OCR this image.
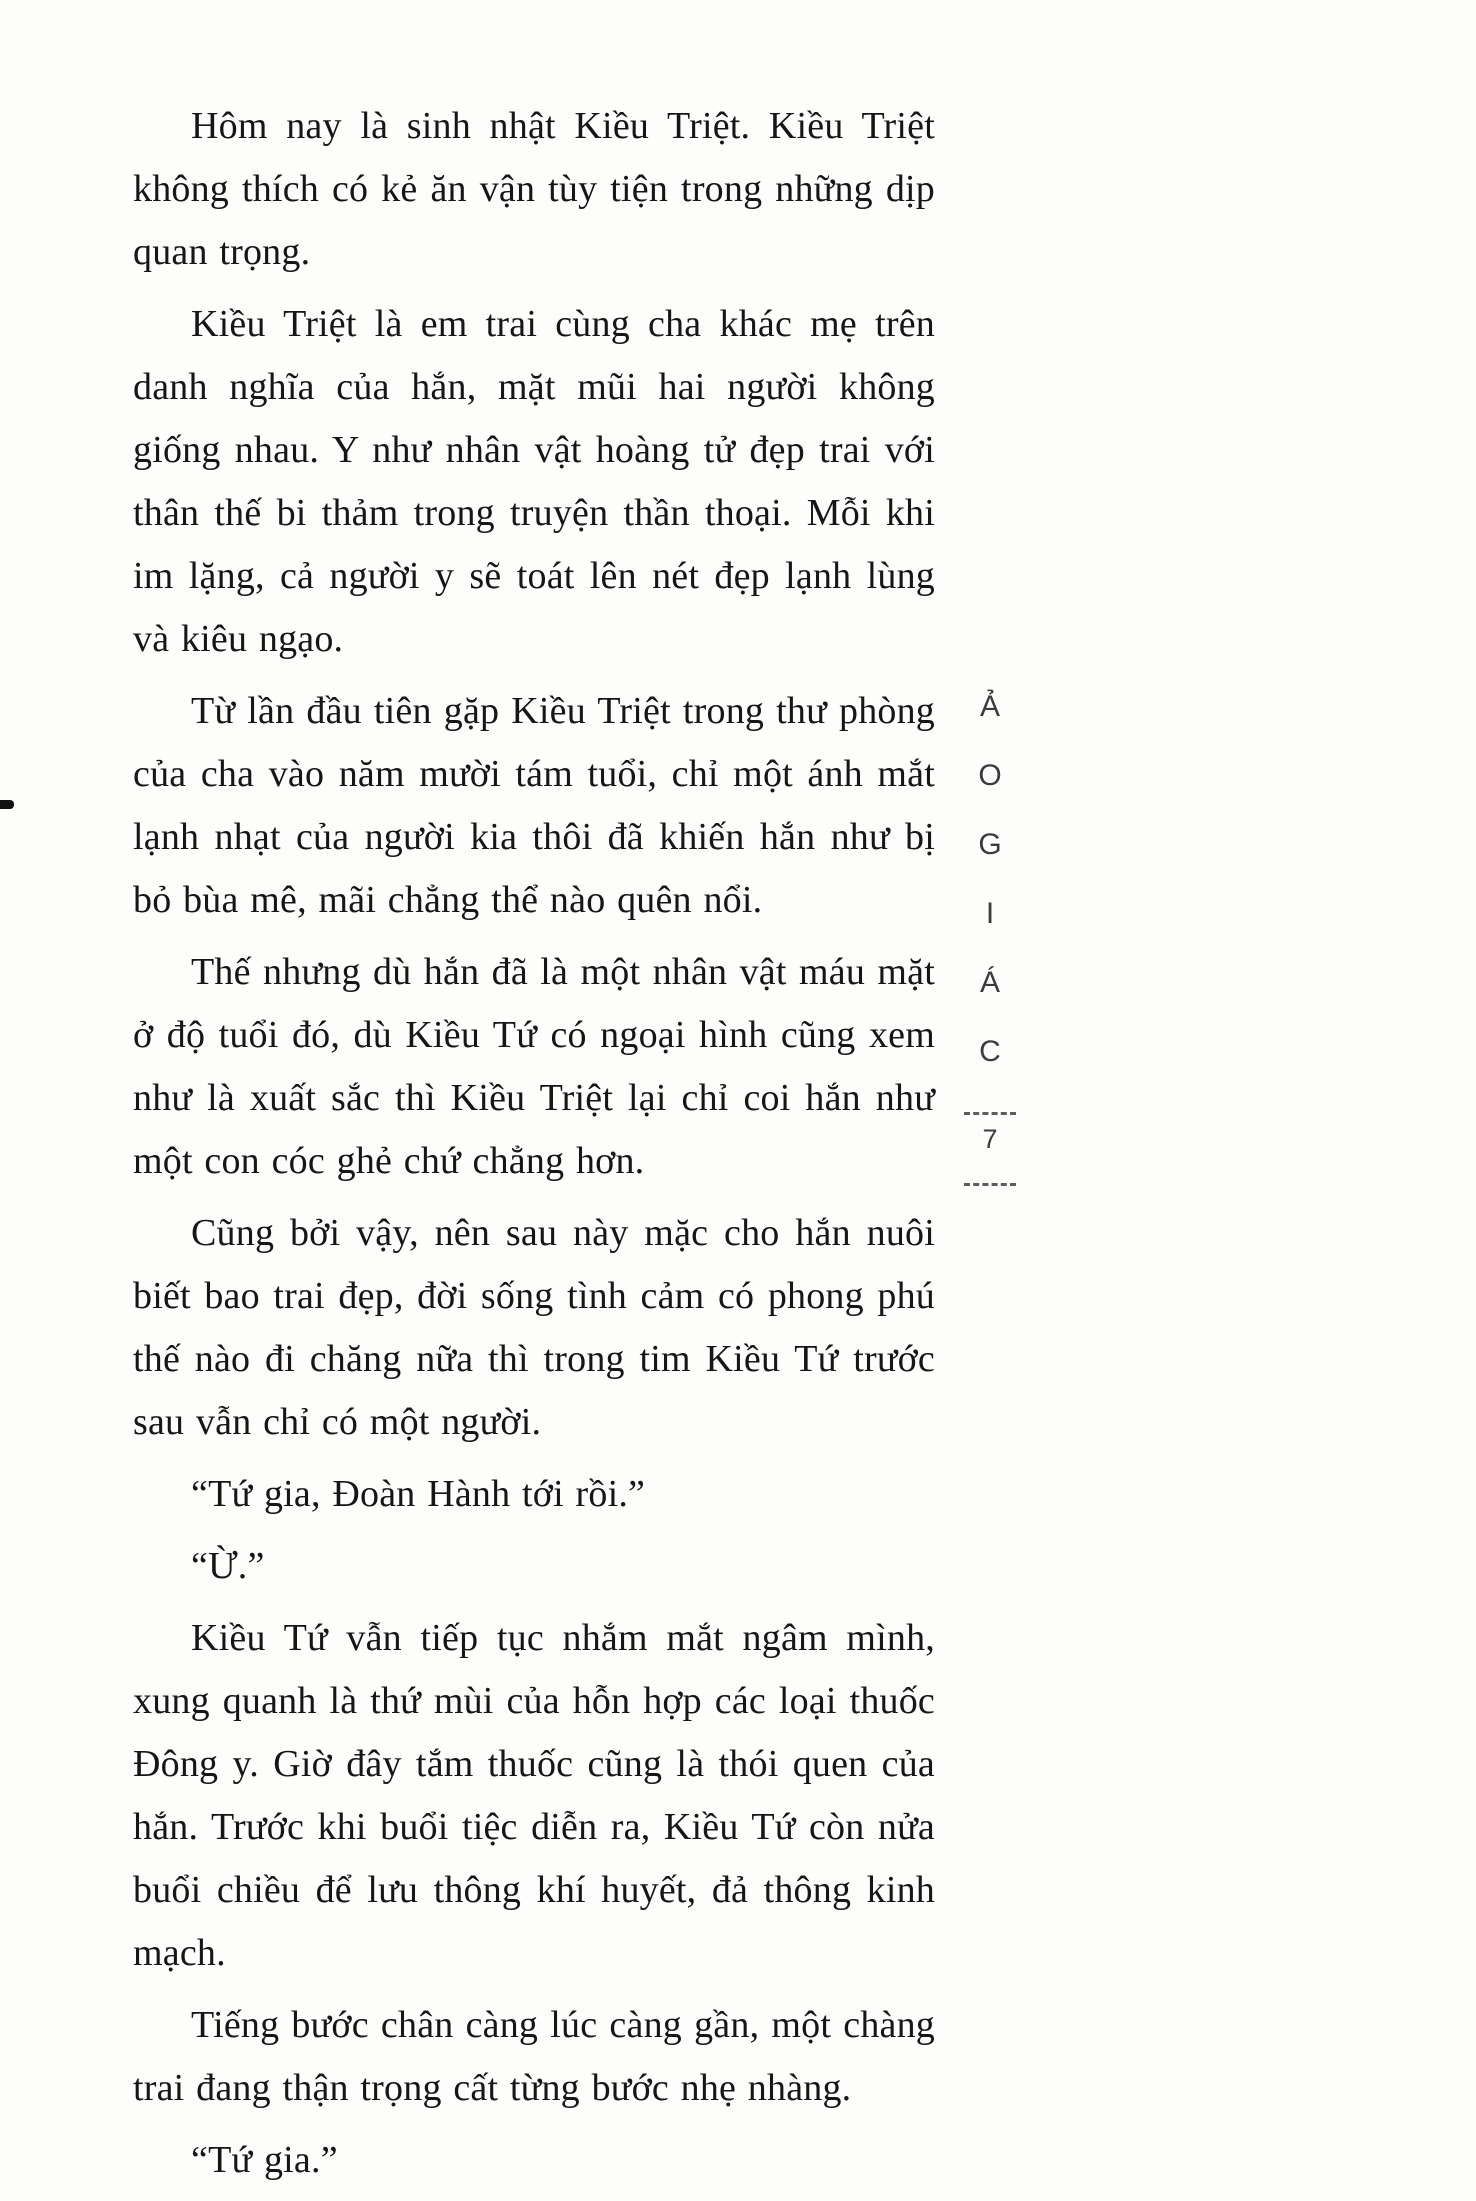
Hôm nay là sinh nhật Kiều Triệt. Kiều Triệt không thích có kẻ ăn vận tùy tiện trong những dịp quan trọng.

Kiều Triệt là em trai cùng cha khác mẹ trên danh nghĩa của hắn, mặt mũi hai người không giống nhau. Y như nhân vật hoàng tử đẹp trai với thân thế bi thảm trong truyện thần thoại. Mỗi khi im lặng, cả người y sẽ toát lên nét đẹp lạnh lùng và kiêu ngạo.

Từ lần đầu tiên gặp Kiều Triệt trong thư phòng của cha vào năm mười tám tuổi, chỉ một ánh mắt lạnh nhạt của người kia thôi đã khiến hắn như bị bỏ bùa mê, mãi chẳng thể nào quên nổi.

Thế nhưng dù hắn đã là một nhân vật máu mặt ở độ tuổi đó, dù Kiều Tứ có ngoại hình cũng xem như là xuất sắc thì Kiều Triệt lại chỉ coi hắn như một con cóc ghẻ chứ chẳng hơn.

Cũng bởi vậy, nên sau này mặc cho hắn nuôi biết bao trai đẹp, đời sống tình cảm có phong phú thế nào đi chăng nữa thì trong tim Kiều Tứ trước sau vẫn chỉ có một người.

“Tứ gia, Đoàn Hành tới rồi.”

“Ừ.”

Kiều Tứ vẫn tiếp tục nhắm mắt ngâm mình, xung quanh là thứ mùi của hỗn hợp các loại thuốc Đông y. Giờ đây tắm thuốc cũng là thói quen của hắn. Trước khi buổi tiệc diễn ra, Kiều Tứ còn nửa buổi chiều để lưu thông khí huyết, đả thông kinh mạch.

Tiếng bước chân càng lúc càng gần, một chàng trai đang thận trọng cất từng bước nhẹ nhàng.

“Tứ gia.”

Ả
O
G
I
Á
C
7
